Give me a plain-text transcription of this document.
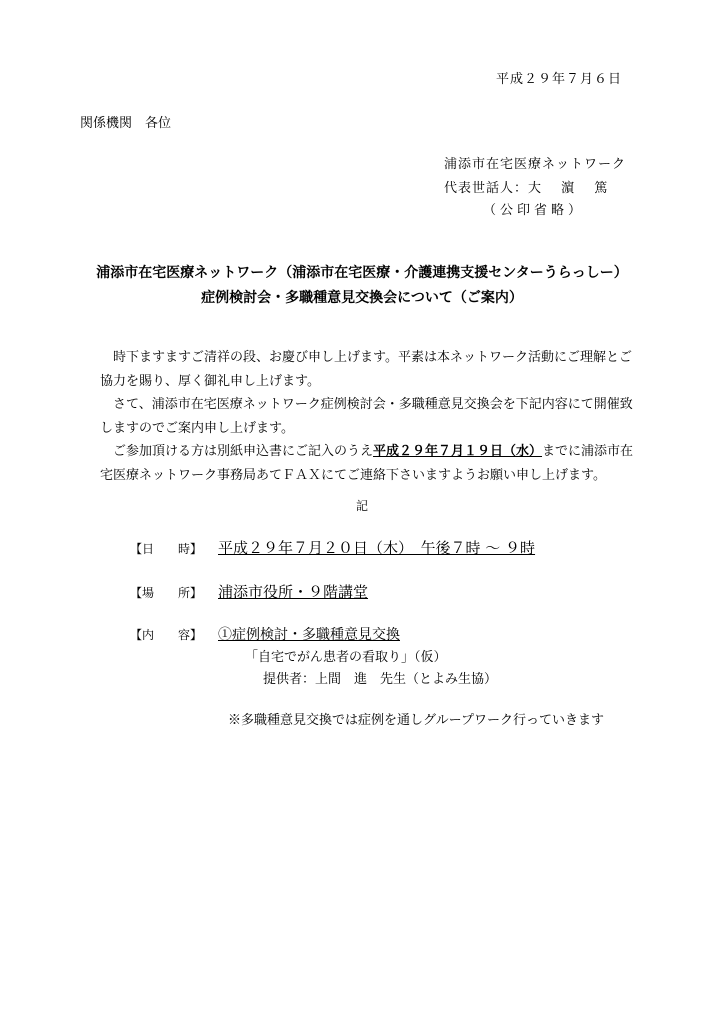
平成２９年７月６日
関係機関　各位
浦添市在宅医療ネットワーク
代表世話人：大　 濵　 篤
（公印省略）
浦添市在宅医療ネットワーク（浦添市在宅医療・介護連携支援センターうらっしー）
症例検討会・多職種意見交換会について（ご案内）

時下ますますご清祥の段、お慶び申し上げます。平素は本ネットワーク活動にご理解とご協力を賜り、厚く御礼申し上げます。

さて、浦添市在宅医療ネットワーク症例検討会・多職種意見交換会を下記内容にて開催致しますのでご案内申し上げます。

ご参加頂ける方は別紙申込書にご記入のうえ平成２９年７月１９日（水）までに浦添市在宅医療ネットワーク事務局あてＦＡＸにてご連絡下さいますようお願い申し上げます。

記
【日　　時】 平成２９年７月２０日（木）　午後７時 ～ ９時
【場　　所】 浦添市役所・９階講堂
【内　　容】 ①症例検討・多職種意見交換
「自宅でがん患者の看取り」（仮）
提供者：上間　進　先生（とよみ生協）
※多職種意見交換では症例を通しグループワーク行っていきます
